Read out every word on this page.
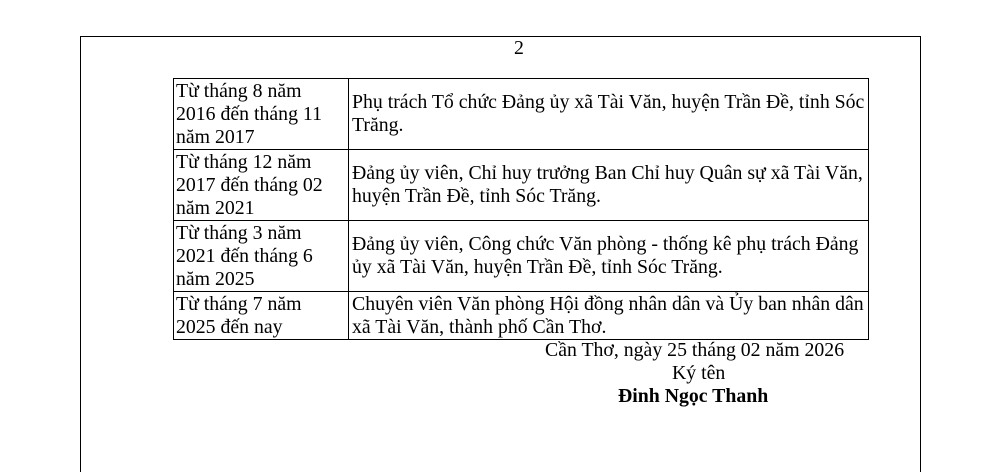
2
Từ tháng 8 năm 2016 đến tháng 11 năm 2017	Phụ trách Tổ chức Đảng ủy xã Tài Văn, huyện Trần Đề, tỉnh Sóc Trăng.
Từ tháng 12 năm 2017 đến tháng 02 năm 2021	Đảng ủy viên, Chỉ huy trưởng Ban Chỉ huy Quân sự xã Tài Văn, huyện Trần Đề, tỉnh Sóc Trăng.
Từ tháng 3 năm 2021 đến tháng 6 năm 2025	Đảng ủy viên, Công chức Văn phòng - thống kê phụ trách Đảng ủy xã Tài Văn, huyện Trần Đề, tỉnh Sóc Trăng.
Từ tháng 7 năm 2025 đến nay	Chuyên viên Văn phòng Hội đồng nhân dân và Ủy ban nhân dân xã Tài Văn, thành phố Cần Thơ.
Cần Thơ, ngày 25 tháng 02 năm 2026
Ký tên
Đinh Ngọc Thanh
